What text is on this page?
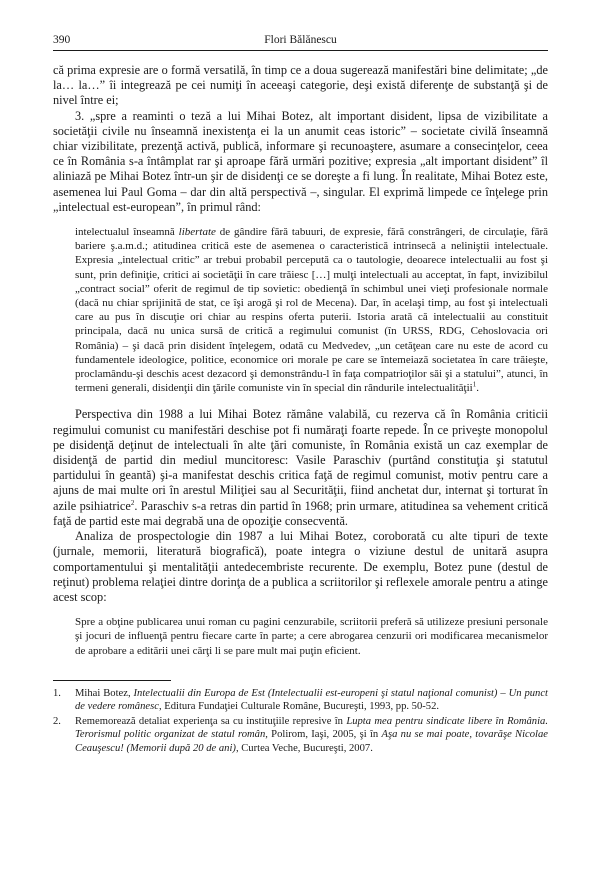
390	Flori Bălănescu

că prima expresie are o formă versatilă, în timp ce a doua sugerează manifestări bine delimitate; „de la… la…” îi integrează pe cei numiţi în aceeaşi categorie, deşi există diferenţe de substanţă şi de nivel între ei;

3. „spre a reaminti o teză a lui Mihai Botez, alt important disident, lipsa de vizibilitate a societăţii civile nu înseamnă inexistenţa ei la un anumit ceas istoric” – societate civilă înseamnă chiar vizibilitate, prezenţă activă, publică, informare şi recunoaştere, asumare a consecinţelor, ceea ce în România s-a întâmplat rar şi aproape fără urmări pozitive; expresia „alt important disident” îl aliniază pe Mihai Botez într-un şir de disidenţi ce se doreşte a fi lung. În realitate, Mihai Botez este, asemenea lui Paul Goma – dar din altă perspectivă –, singular. El exprimă limpede ce înţelege prin „intelectual est-european”, în primul rând:

intelectualul înseamnă libertate de gândire fără tabuuri, de expresie, fără constrângeri, de circulaţie, fără bariere ş.a.m.d.; atitudinea critică este de asemenea o caracteristică intrinsecă a neliniştii intelectuale. Expresia „intelectual critic” ar trebui probabil percepută ca o tautologie, deoarece intelectualii au fost şi sunt, prin definiţie, critici ai societăţii în care trăiesc […] mulţi intelectuali au acceptat, în fapt, invizibilul „contract social” oferit de regimul de tip sovietic: obedienţă în schimbul unei vieţi profesionale normale (dacă nu chiar sprijinită de stat, ce îşi arogă şi rol de Mecena). Dar, în acelaşi timp, au fost şi intelectuali care au pus în discuţie ori chiar au respins oferta puterii. Istoria arată că intelectualii au constituit principala, dacă nu unica sursă de critică a regimului comunist (în URSS, RDG, Cehoslovacia ori România) – şi dacă prin disident înţelegem, odată cu Medvedev, „un cetăţean care nu este de acord cu fundamentele ideologice, politice, economice ori morale pe care se întemeiază societatea în care trăieşte, proclamându-şi deschis acest dezacord şi demonstrându-l în faţa compatrioţilor săi şi a statului”, atunci, în termeni generali, disidenţii din ţările comuniste vin în special din rândurile intelectualităţii$^1$.

Perspectiva din 1988 a lui Mihai Botez rămâne valabilă, cu rezerva că în România criticii regimului comunist cu manifestări deschise pot fi număraţi foarte repede. În ce priveşte monopolul pe disidenţă deţinut de intelectuali în alte ţări comuniste, în România există un caz exemplar de disidenţă de partid din mediul muncitoresc: Vasile Paraschiv (purtând constituţia şi statutul partidului în geantă) şi-a manifestat deschis critica faţă de regimul comunist, motiv pentru care a ajuns de mai multe ori în arestul Miliţiei sau al Securităţii, fiind anchetat dur, internat şi torturat în azile psihiatrice$^2$. Paraschiv s-a retras din partid în 1968; prin urmare, atitudinea sa vehement critică faţă de partid este mai degrabă una de opoziţie consecventă.

Analiza de prospectologie din 1987 a lui Mihai Botez, coroborată cu alte tipuri de texte (jurnale, memorii, literatură biografică), poate integra o viziune destul de unitară asupra comportamentului şi mentalităţii antedecembriste recurente. De exemplu, Botez pune (destul de reţinut) problema relaţiei dintre dorinţa de a publica a scriitorilor şi reflexele amorale pentru a atinge acest scop:

Spre a obţine publicarea unui roman cu pagini cenzurabile, scriitorii preferă să utilizeze presiuni personale şi jocuri de influenţă pentru fiecare carte în parte; a cere abrogarea cenzurii ori modificarea mecanismelor de aprobare a editării unei cărţi li se pare mult mai puţin eficient.

1. Mihai Botez, Intelectualii din Europa de Est (Intelectualii est-europeni şi statul naţional comunist) – Un punct de vedere românesc, Editura Fundaţiei Culturale Române, Bucureşti, 1993, pp. 50-52.
2. Rememorează detaliat experienţa sa cu instituţiile represive în Lupta mea pentru sindicate libere în România. Terorismul politic organizat de statul român, Polirom, Iaşi, 2005, şi în Aşa nu se mai poate, tovarăşe Nicolae Ceauşescu! (Memorii după 20 de ani), Curtea Veche, Bucureşti, 2007.
